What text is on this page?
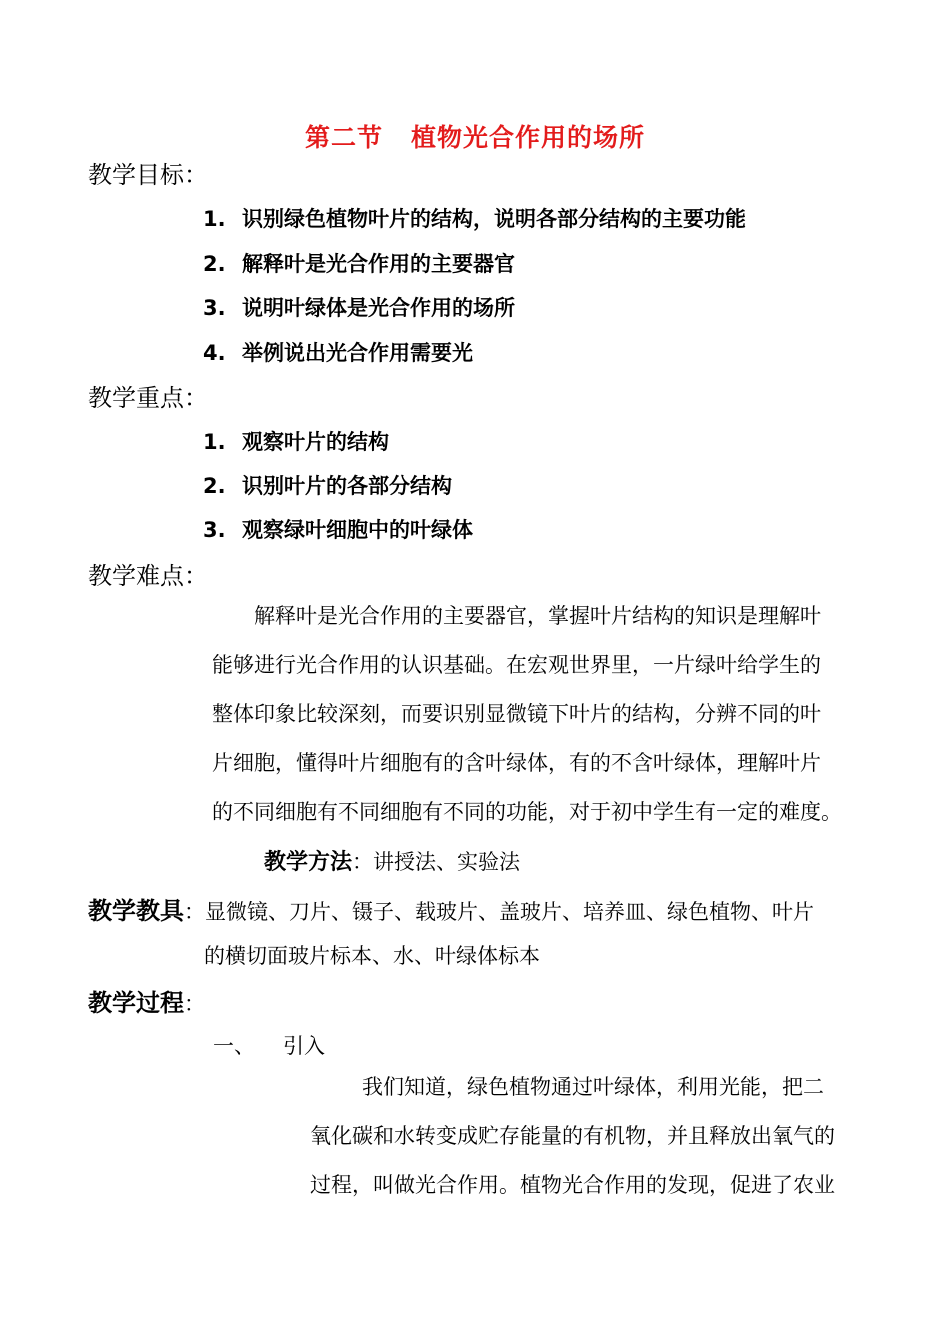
第二节 植物光合作用的场所
教学目标：
1. 识别绿色植物叶片的结构，说明各部分结构的主要功能
2. 解释叶是光合作用的主要器官
3. 说明叶绿体是光合作用的场所
4. 举例说出光合作用需要光
教学重点：
1. 观察叶片的结构
2. 识别叶片的各部分结构
3. 观察绿叶细胞中的叶绿体
教学难点：
解释叶是光合作用的主要器官，掌握叶片结构的知识是理解叶
能够进行光合作用的认识基础。在宏观世界里，一片绿叶给学生的
整体印象比较深刻，而要识别显微镜下叶片的结构，分辨不同的叶
片细胞，懂得叶片细胞有的含叶绿体，有的不含叶绿体，理解叶片
的不同细胞有不同细胞有不同的功能，对于初中学生有一定的难度。
教学方法：讲授法、实验法
教学教具：显微镜、刀片、镊子、载玻片、盖玻片、培养皿、绿色植物、叶片
的横切面玻片标本、水、叶绿体标本
教学过程：
一、 引入
我们知道，绿色植物通过叶绿体，利用光能，把二
氧化碳和水转变成贮存能量的有机物，并且释放出氧气的
过程，叫做光合作用。植物光合作用的发现，促进了农业
